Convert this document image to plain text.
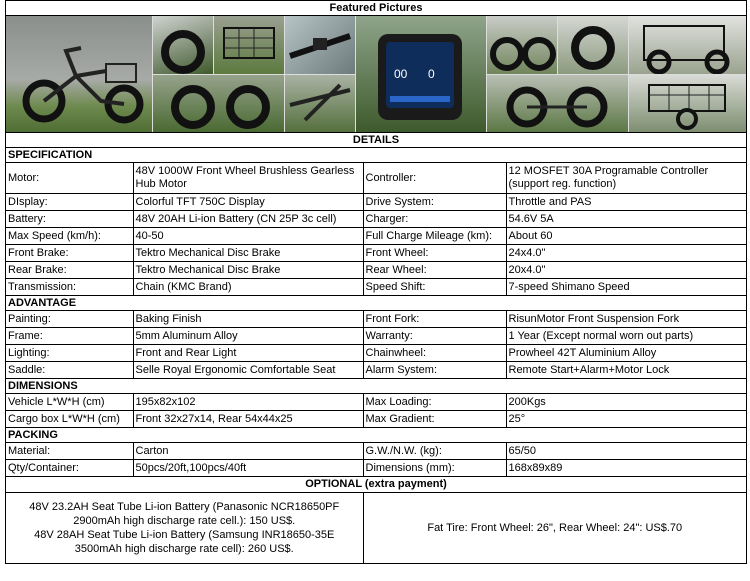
Featured Pictures
00 0
DETAILS
SPECIFICATION			
Motor:	48V 1000W Front Wheel Brushless Gearless Hub Motor	Controller:	12 MOSFET 30A Programable Controller (support reg. function)
DIsplay:	Colorful TFT 750C Display	Drive System:	Throttle and PAS
Battery:	48V 20AH Li-ion Battery (CN 25P 3c cell)	Charger:	54.6V 5A
Max Speed (km/h):	40-50	Full Charge Mileage (km):	About 60
Front Brake:	Tektro Mechanical Disc Brake	Front Wheel:	24x4.0"
Rear Brake:	Tektro Mechanical Disc Brake	Rear Wheel:	20x4.0"
Transmission:	Chain (KMC Brand)	Speed Shift:	7-speed Shimano Speed
ADVANTAGE			
Painting:	Baking Finish	Front Fork:	RisunMotor Front Suspension Fork
Frame:	5mm Aluminum Alloy	Warranty:	1 Year (Except normal worn out parts)
Lighting:	Front and Rear Light	Chainwheel:	Prowheel 42T Aluminium Alloy
Saddle:	Selle Royal Ergonomic Comfortable Seat	Alarm System:	Remote Start+Alarm+Motor Lock
DIMENSIONS			
Vehicle L*W*H (cm)	195x82x102	Max Loading:	200Kgs
Cargo box L*W*H (cm)	Front 32x27x14, Rear 54x44x25	Max Gradient:	25°
PACKING			
Material:	Carton	G.W./N.W. (kg):	65/50
Qty/Container:	50pcs/20ft,100pcs/40ft	Dimensions (mm):	168x89x89
OPTIONAL (extra payment)			

48V 23.2AH Seat Tube Li-ion Battery (Panasonic NCR18650PF
2900mAh high discharge rate cell.): 150 US$.
48V 28AH Seat Tube Li-ion Battery (Samsung INR18650-35E
3500mAh high discharge rate cell): 260 US$.		Fat Tire: Front Wheel: 26", Rear Wheel: 24": US$.70	
